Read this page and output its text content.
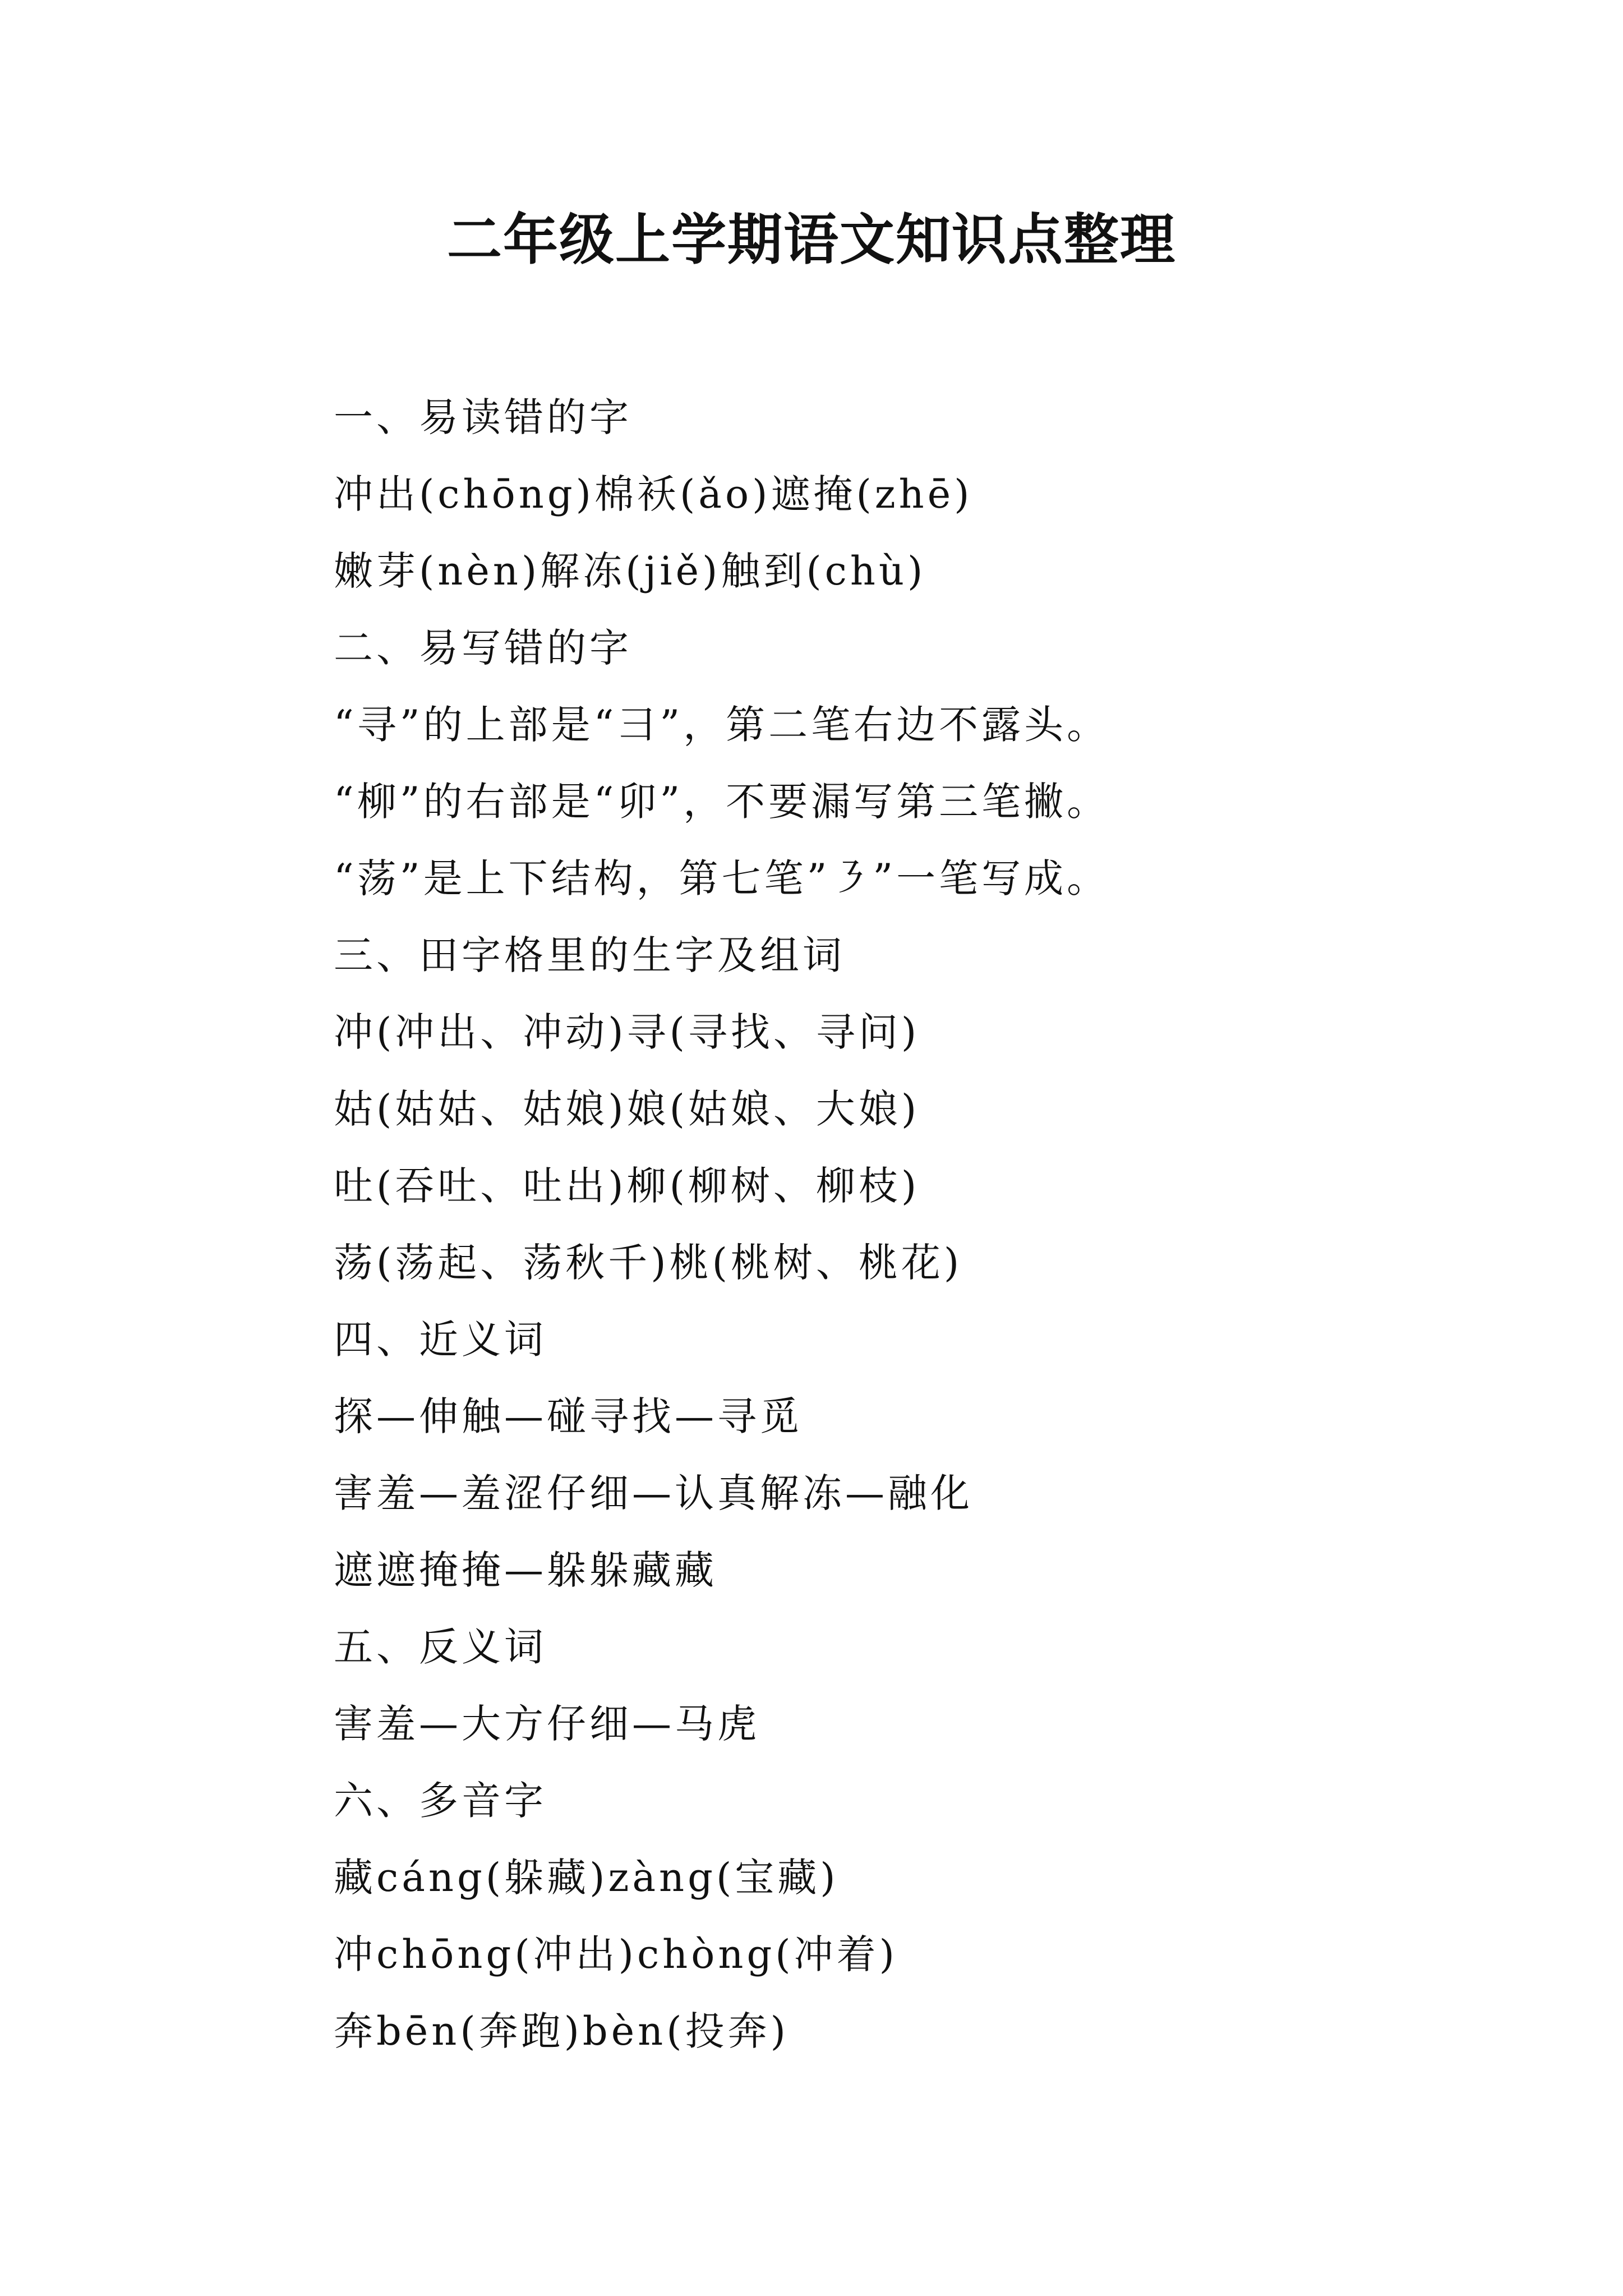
二年级上学期语文知识点整理
一、易读错的字
冲出(chōng)棉袄(ǎo)遮掩(zhē)
嫩芽(nèn)解冻(jiě)触到(chù)
二、易写错的字
“寻”的上部是“彐”，第二笔右边不露头。
“柳”的右部是“卯”，不要漏写第三笔撇。
“荡”是上下结构，第七笔”㇋”一笔写成。
三、田字格里的生字及组词
冲(冲出、冲动)寻(寻找、寻问)
姑(姑姑、姑娘)娘(姑娘、大娘)
吐(吞吐、吐出)柳(柳树、柳枝)
荡(荡起、荡秋千)桃(桃树、桃花)
四、近义词
探—伸触—碰寻找—寻觅
害羞—羞涩仔细—认真解冻—融化
遮遮掩掩—躲躲藏藏
五、反义词
害羞—大方仔细—马虎
六、多音字
藏cáng(躲藏)zàng(宝藏)
冲chōng(冲出)chòng(冲着)
奔bēn(奔跑)bèn(投奔)
